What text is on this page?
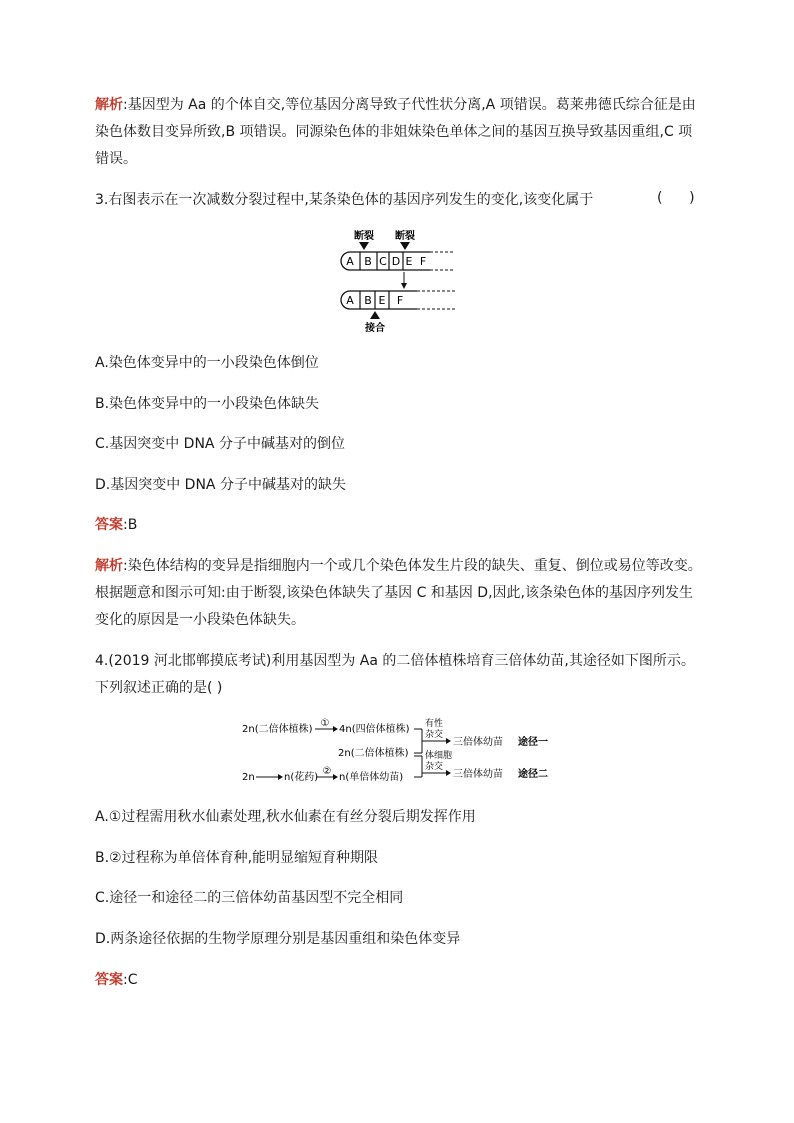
解析:基因型为 Aa 的个体自交,等位基因分离导致子代性状分离,A 项错误。葛莱弗德氏综合征是由
染色体数目变异所致,B 项错误。同源染色体的非姐妹染色单体之间的基因互换导致基因重组,C 项
错误。
3.右图表示在一次减数分裂过程中,某条染色体的基因序列发生的变化,该变化属于	(      )
断裂 断裂
A B C D E F
A B E F
接合
A.染色体变异中的一小段染色体倒位
B.染色体变异中的一小段染色体缺失
C.基因突变中 DNA 分子中碱基对的倒位
D.基因突变中 DNA 分子中碱基对的缺失
答案:B
解析:染色体结构的变异是指细胞内一个或几个染色体发生片段的缺失、重复、倒位或易位等改变。
根据题意和图示可知:由于断裂,该染色体缺失了基因 C 和基因 D,因此,该条染色体的基因序列发生
变化的原因是一小段染色体缺失。
4.(2019 河北邯郸摸底考试)利用基因型为 Aa 的二倍体植株培育三倍体幼苗,其途径如下图所示。
下列叙述正确的是( )
2n(二倍体植株)
①
4n(四倍体植株) 有性
杂交
三倍体幼苗 途径一
2n(二倍体植株)
2n	n(花药)
②
n(单倍体幼苗)
体细胞
杂交
三倍体幼苗 途径二
A.①过程需用秋水仙素处理,秋水仙素在有丝分裂后期发挥作用
B.②过程称为单倍体育种,能明显缩短育种期限
C.途径一和途径二的三倍体幼苗基因型不完全相同
D.两条途径依据的生物学原理分别是基因重组和染色体变异
答案:C
